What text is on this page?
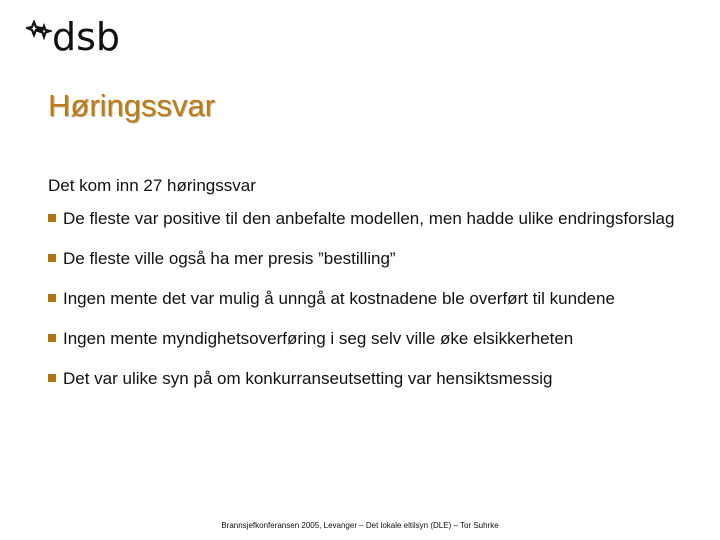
dsb
Høringssvar
Det kom inn 27 høringssvar
De fleste var positive til den anbefalte modellen, men hadde ulike endringsforslag
De fleste ville også ha mer presis ”bestilling”
Ingen mente det var mulig å unngå at kostnadene ble overført til kundene
Ingen mente myndighetsoverføring i seg selv ville øke elsikkerheten
Det var ulike syn på om konkurranseutsetting var hensiktsmessig
Brannsjefkonferansen 2005, Levanger – Det lokale eltilsyn (DLE) – Tor Suhrke
